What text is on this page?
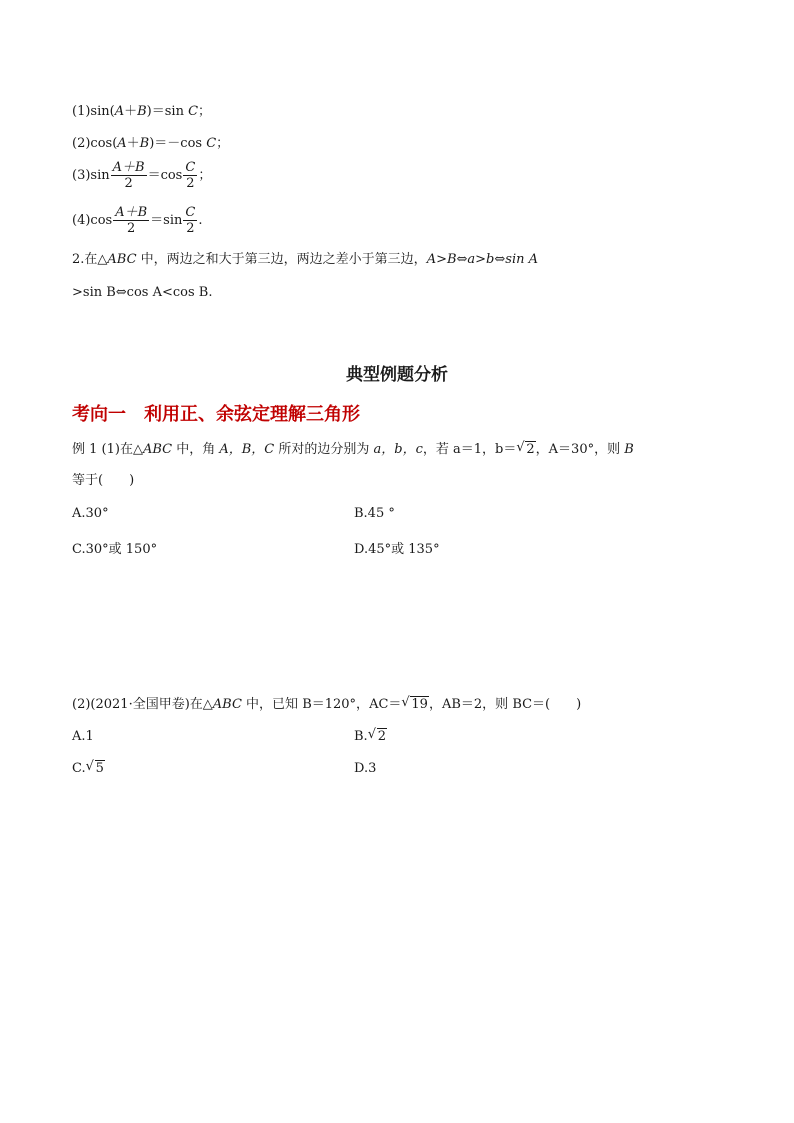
(1)sin(A＋B)＝sin C；
(2)cos(A＋B)＝－cos C；
$(3)\sin \frac{A+B}{2} =\cos \frac{C}{2}$ ；
$(4)\cos \frac{A+B}{2} =\sin \frac{C}{2}$ .
2.在△ABC 中，两边之和大于第三边，两边之差小于第三边，A>B⇔a>b⇔sin A
>sin B⇔cos A<cos B.
典型例题分析
考向一　利用正、余弦定理解三角形
例 1 (1)在△ABC 中，角 A，B，C 所对的边分别为 a，b，c，若 a＝1，b＝ √ 2，A＝30°，则 B
等于(　　)
A.30°	B.45 °
C.30°或 150°	D.45°或 135°
(2)(2021·全国甲卷)在△ABC 中，已知 B＝120°，AC＝ √ 19，AB＝2，则 BC＝(　　)
A.1	B. √ 2
C. √ 5	D.3
